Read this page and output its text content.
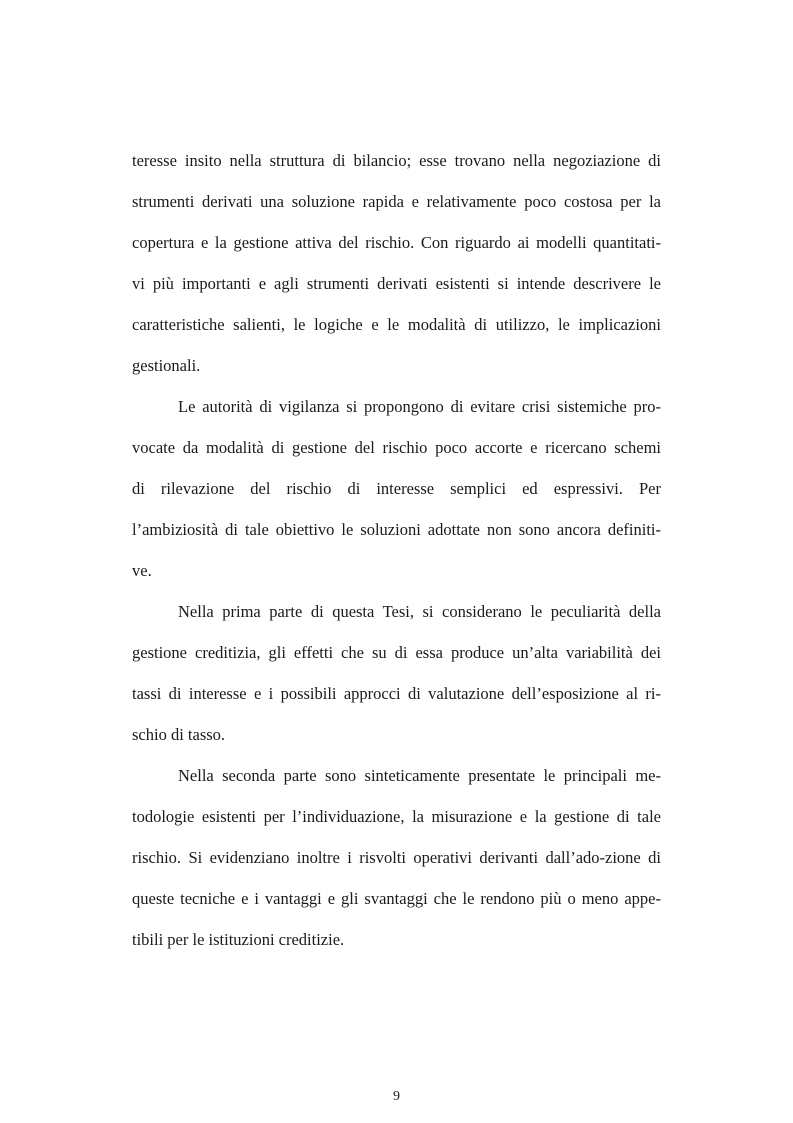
teresse insito nella struttura di bilancio; esse trovano nella negoziazione di
strumenti derivati una soluzione rapida e relativamente poco costosa per la
copertura e la gestione attiva del rischio. Con riguardo ai modelli quantitati-
vi più importanti e agli strumenti derivati esistenti si intende descrivere le
caratteristiche salienti, le logiche e le modalità di utilizzo, le implicazioni
gestionali.
Le autorità di vigilanza si propongono di evitare crisi sistemiche pro-
vocate da modalità di gestione del rischio poco accorte e ricercano schemi
di rilevazione del rischio di interesse semplici ed espressivi. Per
l’ambiziosità di tale obiettivo le soluzioni adottate non sono ancora definiti-
ve.
Nella prima parte di questa Tesi, si considerano le peculiarità della
gestione creditizia, gli effetti che su di essa produce un’alta variabilità dei
tassi di interesse e i possibili approcci di valutazione dell’esposizione al ri-
schio di tasso.
Nella seconda parte sono sinteticamente presentate le principali me-
todologie esistenti per l’individuazione, la misurazione e la gestione di tale
rischio. Si evidenziano inoltre i risvolti operativi derivanti dall’ado-zione di
queste tecniche e i vantaggi e gli svantaggi che le rendono più o meno appe-
tibili per le istituzioni creditizie.
9
